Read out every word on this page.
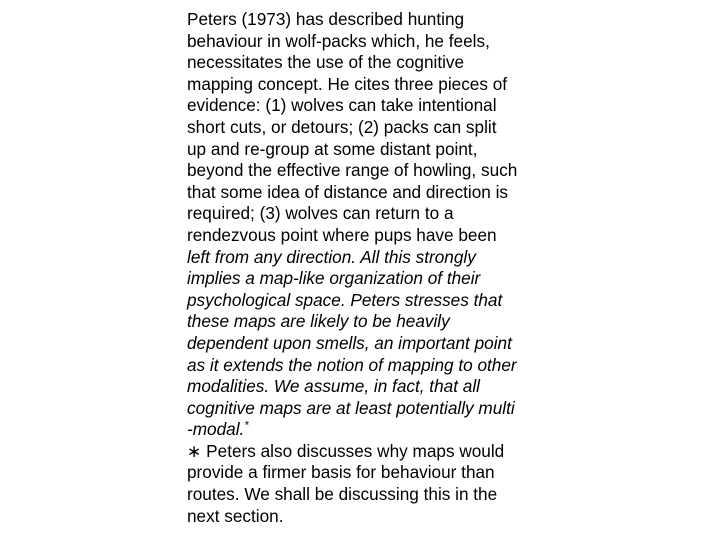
Peters (1973) has described hunting
behaviour in wolf-packs which, he feels,
necessitates the use of the cognitive
mapping concept. He cites three pieces of
evidence: (1) wolves can take intentional
short cuts, or detours; (2) packs can split
up and re-group at some distant point,
beyond the effective range of howling, such
that some idea of distance and direction is
required; (3) wolves can return to a
rendezvous point where pups have been
left from any direction. All this strongly
implies a map-like organization of their
psychological space. Peters stresses that
these maps are likely to be heavily
dependent upon smells, an important point
as it extends the notion of mapping to other
modalities. We assume, in fact, that all
cognitive maps are at least potentially multi
-modal.*
∗ Peters also discusses why maps would
provide a firmer basis for behaviour than
routes. We shall be discussing this in the
next section.
